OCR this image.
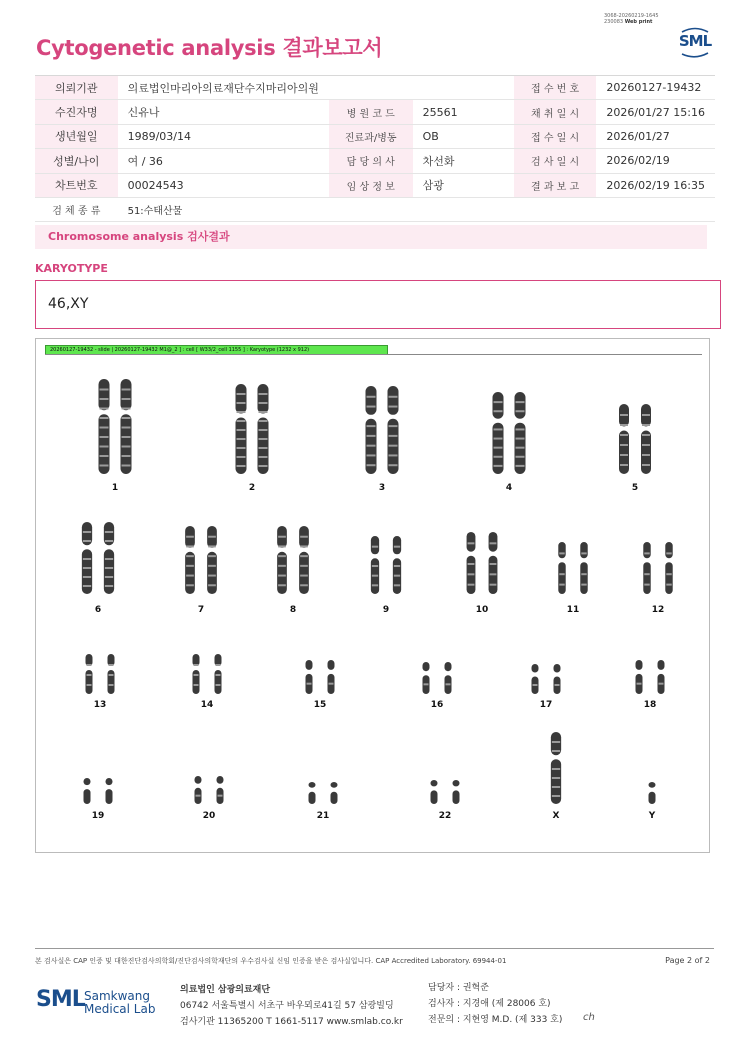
3068-20260219-1645
230083 Web print
Cytogenetic analysis 결과보고서	SML
의뢰기관	의료법인마리아의료재단수지마리아의원			접 수 번 호	20260127-19432
수진자명	신유나	병 원 코 드	25561	채 취 일 시	2026/01/27 15:16
생년월일	1989/03/14	진료과/병동	OB	접 수 일 시	2026/01/27
성별/나이	여 / 36	담 당 의 사	차선화	검 사 일 시	2026/02/19
차트번호	00024543	임 상 정 보	삼광	결 과 보 고	2026/02/19 16:35
검 체 종 류	51:수태산물				
Chromosome analysis 검사결과
KARYOTYPE
46,XY
20260127-19432 - slide | 20260127-19432 M1@_2 ] : cell [ W33/2_cell 1155 ] : Karyotype (1232 x 912)
1	2	3	4	5
6	7	8	9	10	11	12
13	14	15	16	17	18
19	20	21	22	X	Y
본 검사실은 CAP 인증 및 대한진단검사의학회/진단검사의학재단의 우수검사실 신임 인증을 받은 검사실입니다. CAP Accredited Laboratory. 69944-01	Page 2 of 2
SML Samkwang
Medical Lab
의료법인 삼광의료재단
06742 서울특별시 서초구 바우뫼로41길 57 삼광빌딩
검사기관 11365200 T 1661-5117 www.smlab.co.kr
담당자 : 권혁준
검사자 : 지경애 (제 28006 호)
전문의 : 지현영 M.D. (제 333 호) ch
